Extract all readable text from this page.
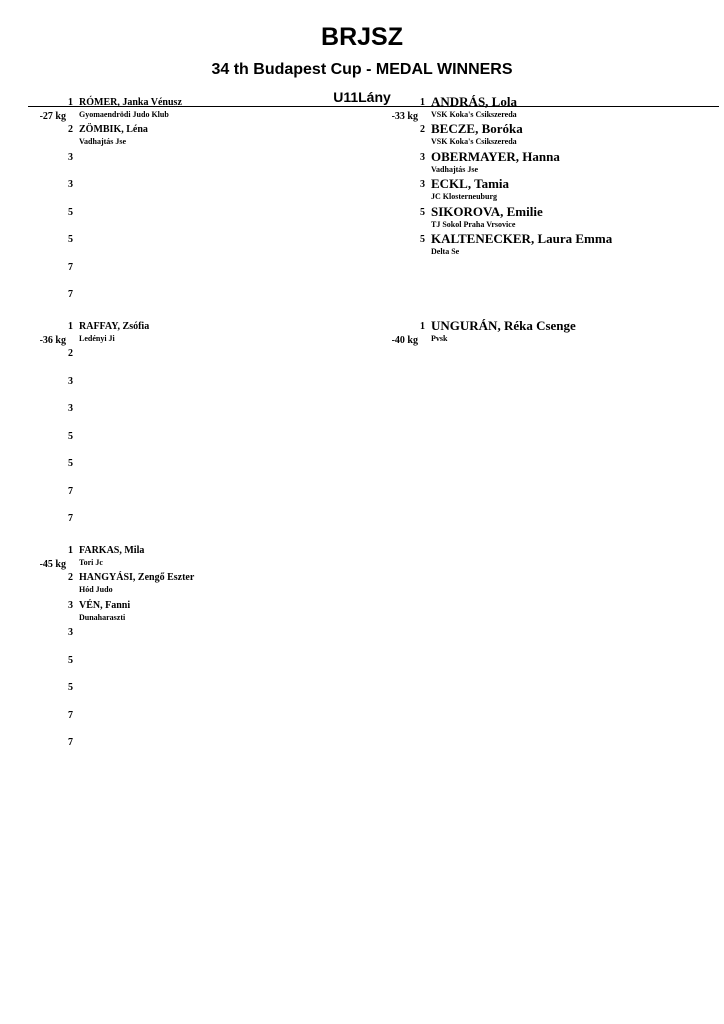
BRJSZ
34 th Budapest Cup - MEDAL WINNERS
U11Lány
-27 kg
1 RÓMER, Janka Vénusz
Gyomaendrödi Judo Klub
2 ZÖMBIK, Léna
Vadhajtás Jse
3
3
5
5
7
7
-33 kg
1 ANDRÁS, Lola
VSK Koka's Csikszereda
2 BECZE, Boróka
VSK Koka's Csikszereda
3 OBERMAYER, Hanna
Vadhajtás Jse
3 ECKL, Tamia
JC Klosterneuburg
5 SIKOROVA, Emilie
TJ Sokol Praha Vrsovice
5 KALTENECKER, Laura Emma
Delta Se
-36 kg
1 RAFFAY, Zsófia
Ledényi Ji
2
3
3
5
5
7
7
-40 kg
1 UNGURÁN, Réka Csenge
Pvsk
-45 kg
1 FARKAS, Mila
Tori Jc
2 HANGYÁSI, Zengő Eszter
Hód Judo
3 VÉN, Fanni
Dunaharaszti
3
5
5
7
7
